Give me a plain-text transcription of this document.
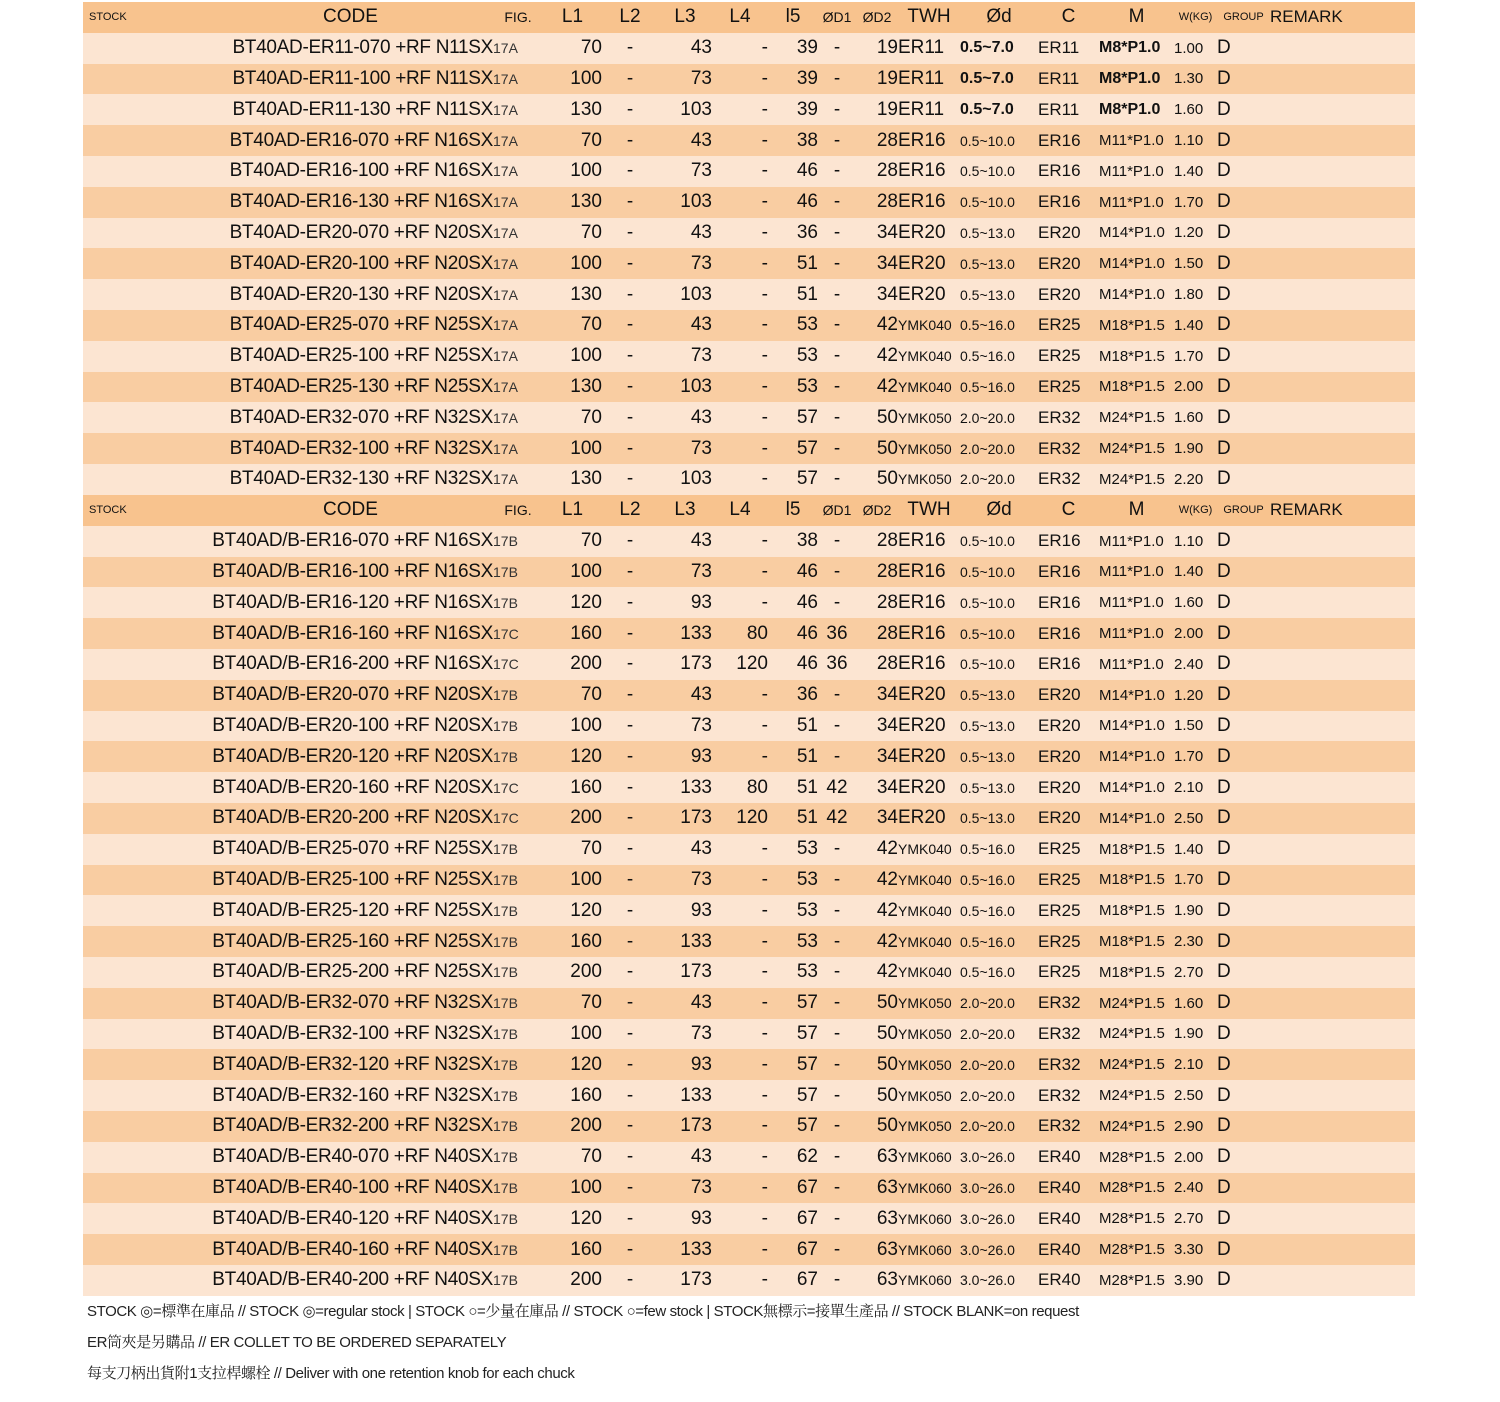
STOCK	CODE	FIG.	L1	L2	L3	L4	l5	ØD1	ØD2	TWH	Ød	C	M	W(KG)	GROUP	REMARK
	BT40AD-ER11-070 +RF N11SX	17A	70	-	43	-	39	-	19	ER11	0.5~7.0	ER11	M8*P1.0	1.00	D	
	BT40AD-ER11-100 +RF N11SX	17A	100	-	73	-	39	-	19	ER11	0.5~7.0	ER11	M8*P1.0	1.30	D	
	BT40AD-ER11-130 +RF N11SX	17A	130	-	103	-	39	-	19	ER11	0.5~7.0	ER11	M8*P1.0	1.60	D	
	BT40AD-ER16-070 +RF N16SX	17A	70	-	43	-	38	-	28	ER16	0.5~10.0	ER16	M11*P1.0	1.10	D	
	BT40AD-ER16-100 +RF N16SX	17A	100	-	73	-	46	-	28	ER16	0.5~10.0	ER16	M11*P1.0	1.40	D	
	BT40AD-ER16-130 +RF N16SX	17A	130	-	103	-	46	-	28	ER16	0.5~10.0	ER16	M11*P1.0	1.70	D	
	BT40AD-ER20-070 +RF N20SX	17A	70	-	43	-	36	-	34	ER20	0.5~13.0	ER20	M14*P1.0	1.20	D	
	BT40AD-ER20-100 +RF N20SX	17A	100	-	73	-	51	-	34	ER20	0.5~13.0	ER20	M14*P1.0	1.50	D	
	BT40AD-ER20-130 +RF N20SX	17A	130	-	103	-	51	-	34	ER20	0.5~13.0	ER20	M14*P1.0	1.80	D	
	BT40AD-ER25-070 +RF N25SX	17A	70	-	43	-	53	-	42	YMK040	0.5~16.0	ER25	M18*P1.5	1.40	D	
	BT40AD-ER25-100 +RF N25SX	17A	100	-	73	-	53	-	42	YMK040	0.5~16.0	ER25	M18*P1.5	1.70	D	
	BT40AD-ER25-130 +RF N25SX	17A	130	-	103	-	53	-	42	YMK040	0.5~16.0	ER25	M18*P1.5	2.00	D	
	BT40AD-ER32-070 +RF N32SX	17A	70	-	43	-	57	-	50	YMK050	2.0~20.0	ER32	M24*P1.5	1.60	D	
	BT40AD-ER32-100 +RF N32SX	17A	100	-	73	-	57	-	50	YMK050	2.0~20.0	ER32	M24*P1.5	1.90	D	
	BT40AD-ER32-130 +RF N32SX	17A	130	-	103	-	57	-	50	YMK050	2.0~20.0	ER32	M24*P1.5	2.20	D	
STOCK	CODE	FIG.	L1	L2	L3	L4	l5	ØD1	ØD2	TWH	Ød	C	M	W(KG)	GROUP	REMARK
	BT40AD/B-ER16-070 +RF N16SX	17B	70	-	43	-	38	-	28	ER16	0.5~10.0	ER16	M11*P1.0	1.10	D	
	BT40AD/B-ER16-100 +RF N16SX	17B	100	-	73	-	46	-	28	ER16	0.5~10.0	ER16	M11*P1.0	1.40	D	
	BT40AD/B-ER16-120 +RF N16SX	17B	120	-	93	-	46	-	28	ER16	0.5~10.0	ER16	M11*P1.0	1.60	D	
	BT40AD/B-ER16-160 +RF N16SX	17C	160	-	133	80	46	36	28	ER16	0.5~10.0	ER16	M11*P1.0	2.00	D	
	BT40AD/B-ER16-200 +RF N16SX	17C	200	-	173	120	46	36	28	ER16	0.5~10.0	ER16	M11*P1.0	2.40	D	
	BT40AD/B-ER20-070 +RF N20SX	17B	70	-	43	-	36	-	34	ER20	0.5~13.0	ER20	M14*P1.0	1.20	D	
	BT40AD/B-ER20-100 +RF N20SX	17B	100	-	73	-	51	-	34	ER20	0.5~13.0	ER20	M14*P1.0	1.50	D	
	BT40AD/B-ER20-120 +RF N20SX	17B	120	-	93	-	51	-	34	ER20	0.5~13.0	ER20	M14*P1.0	1.70	D	
	BT40AD/B-ER20-160 +RF N20SX	17C	160	-	133	80	51	42	34	ER20	0.5~13.0	ER20	M14*P1.0	2.10	D	
	BT40AD/B-ER20-200 +RF N20SX	17C	200	-	173	120	51	42	34	ER20	0.5~13.0	ER20	M14*P1.0	2.50	D	
	BT40AD/B-ER25-070 +RF N25SX	17B	70	-	43	-	53	-	42	YMK040	0.5~16.0	ER25	M18*P1.5	1.40	D	
	BT40AD/B-ER25-100 +RF N25SX	17B	100	-	73	-	53	-	42	YMK040	0.5~16.0	ER25	M18*P1.5	1.70	D	
	BT40AD/B-ER25-120 +RF N25SX	17B	120	-	93	-	53	-	42	YMK040	0.5~16.0	ER25	M18*P1.5	1.90	D	
	BT40AD/B-ER25-160 +RF N25SX	17B	160	-	133	-	53	-	42	YMK040	0.5~16.0	ER25	M18*P1.5	2.30	D	
	BT40AD/B-ER25-200 +RF N25SX	17B	200	-	173	-	53	-	42	YMK040	0.5~16.0	ER25	M18*P1.5	2.70	D	
	BT40AD/B-ER32-070 +RF N32SX	17B	70	-	43	-	57	-	50	YMK050	2.0~20.0	ER32	M24*P1.5	1.60	D	
	BT40AD/B-ER32-100 +RF N32SX	17B	100	-	73	-	57	-	50	YMK050	2.0~20.0	ER32	M24*P1.5	1.90	D	
	BT40AD/B-ER32-120 +RF N32SX	17B	120	-	93	-	57	-	50	YMK050	2.0~20.0	ER32	M24*P1.5	2.10	D	
	BT40AD/B-ER32-160 +RF N32SX	17B	160	-	133	-	57	-	50	YMK050	2.0~20.0	ER32	M24*P1.5	2.50	D	
	BT40AD/B-ER32-200 +RF N32SX	17B	200	-	173	-	57	-	50	YMK050	2.0~20.0	ER32	M24*P1.5	2.90	D	
	BT40AD/B-ER40-070 +RF N40SX	17B	70	-	43	-	62	-	63	YMK060	3.0~26.0	ER40	M28*P1.5	2.00	D	
	BT40AD/B-ER40-100 +RF N40SX	17B	100	-	73	-	67	-	63	YMK060	3.0~26.0	ER40	M28*P1.5	2.40	D	
	BT40AD/B-ER40-120 +RF N40SX	17B	120	-	93	-	67	-	63	YMK060	3.0~26.0	ER40	M28*P1.5	2.70	D	
	BT40AD/B-ER40-160 +RF N40SX	17B	160	-	133	-	67	-	63	YMK060	3.0~26.0	ER40	M28*P1.5	3.30	D	
	BT40AD/B-ER40-200 +RF N40SX	17B	200	-	173	-	67	-	63	YMK060	3.0~26.0	ER40	M28*P1.5	3.90	D	
STOCK ◎=標準在庫品 // STOCK ◎=regular stock | STOCK ○=少量在庫品 // STOCK ○=few stock | STOCK無標示=接單生產品 // STOCK BLANK=on request
ER筒夾是另購品 // ER COLLET TO BE ORDERED SEPARATELY
每支刀柄出貨附1支拉桿螺栓 // Deliver with one retention knob for each chuck
